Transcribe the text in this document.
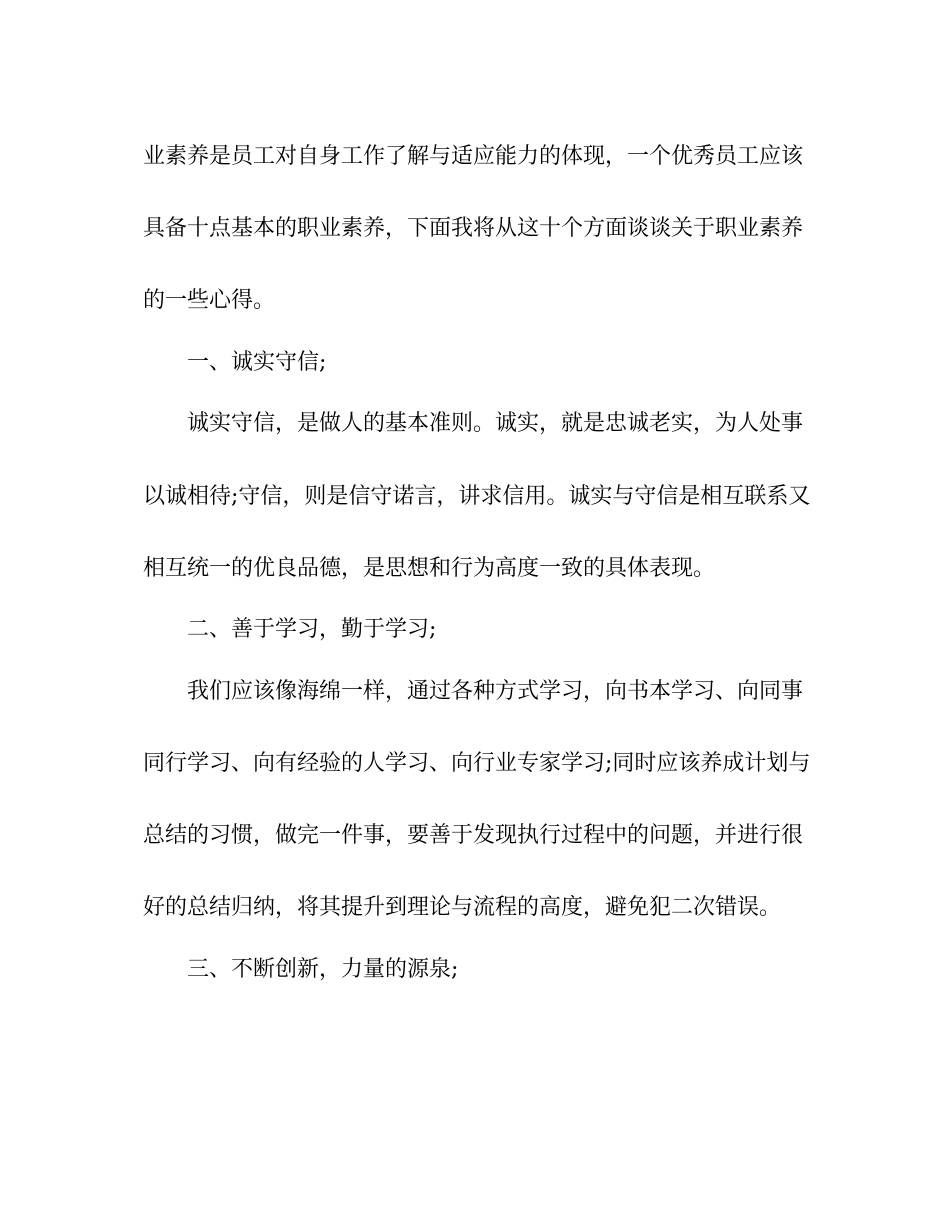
业素养是员工对自身工作了解与适应能力的体现，一个优秀员工应该
具备十点基本的职业素养，下面我将从这十个方面谈谈关于职业素养
的一些心得。
一、诚实守信;
诚实守信，是做人的基本准则。诚实，就是忠诚老实，为人处事
以诚相待;守信，则是信守诺言，讲求信用。诚实与守信是相互联系又
相互统一的优良品德，是思想和行为高度一致的具体表现。
二、善于学习，勤于学习;
我们应该像海绵一样，通过各种方式学习，向书本学习、向同事
同行学习、向有经验的人学习、向行业专家学习;同时应该养成计划与
总结的习惯，做完一件事，要善于发现执行过程中的问题，并进行很
好的总结归纳，将其提升到理论与流程的高度，避免犯二次错误。
三、不断创新，力量的源泉;
